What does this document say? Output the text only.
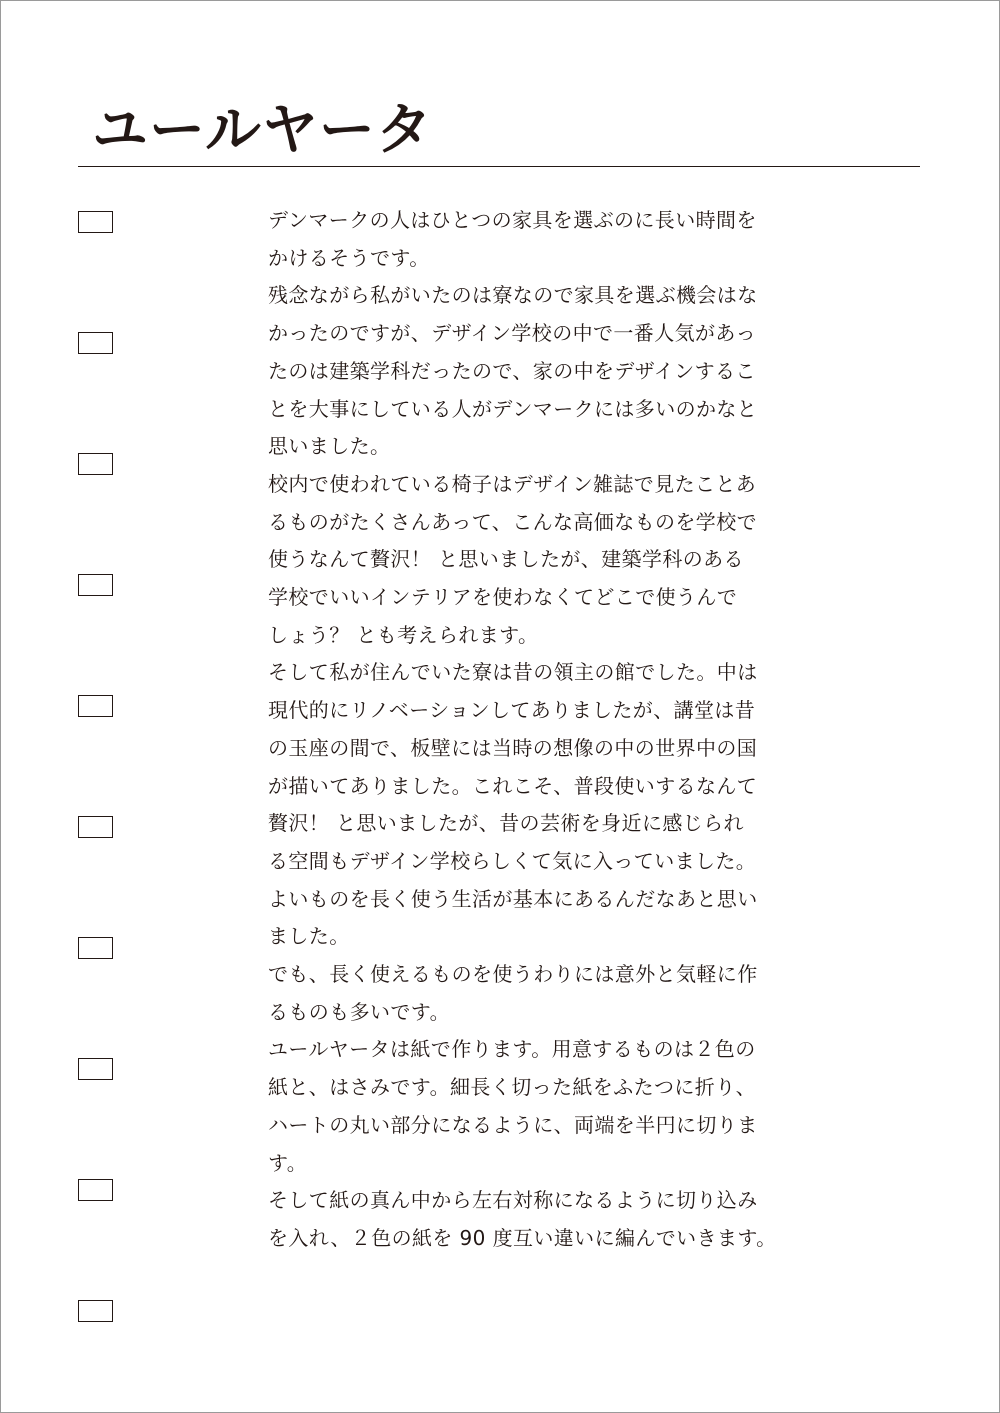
ユールヤータ
デンマークの人はひとつの家具を選ぶのに長い時間を
かけるそうです。
残念ながら私がいたのは寮なので家具を選ぶ機会はな
かったのですが、デザイン学校の中で一番人気があっ
たのは建築学科だったので、家の中をデザインするこ
とを大事にしている人がデンマークには多いのかなと
思いました。
校内で使われている椅子はデザイン雑誌で見たことあ
るものがたくさんあって、こんな高価なものを学校で
使うなんて贅沢！ と思いましたが、建築学科のある
学校でいいインテリアを使わなくてどこで使うんで
しょう？ とも考えられます。
そして私が住んでいた寮は昔の領主の館でした。中は
現代的にリノベーションしてありましたが、講堂は昔
の玉座の間で、板壁には当時の想像の中の世界中の国
が描いてありました。これこそ、普段使いするなんて
贅沢！ と思いましたが、昔の芸術を身近に感じられ
る空間もデザイン学校らしくて気に入っていました。
よいものを長く使う生活が基本にあるんだなあと思い
ました。
でも、長く使えるものを使うわりには意外と気軽に作
るものも多いです。
ユールヤータは紙で作ります。用意するものは２色の
紙と、はさみです。細長く切った紙をふたつに折り、
ハートの丸い部分になるように、両端を半円に切りま
す。
そして紙の真ん中から左右対称になるように切り込み
を入れ、２色の紙を 90 度互い違いに編んでいきます。
